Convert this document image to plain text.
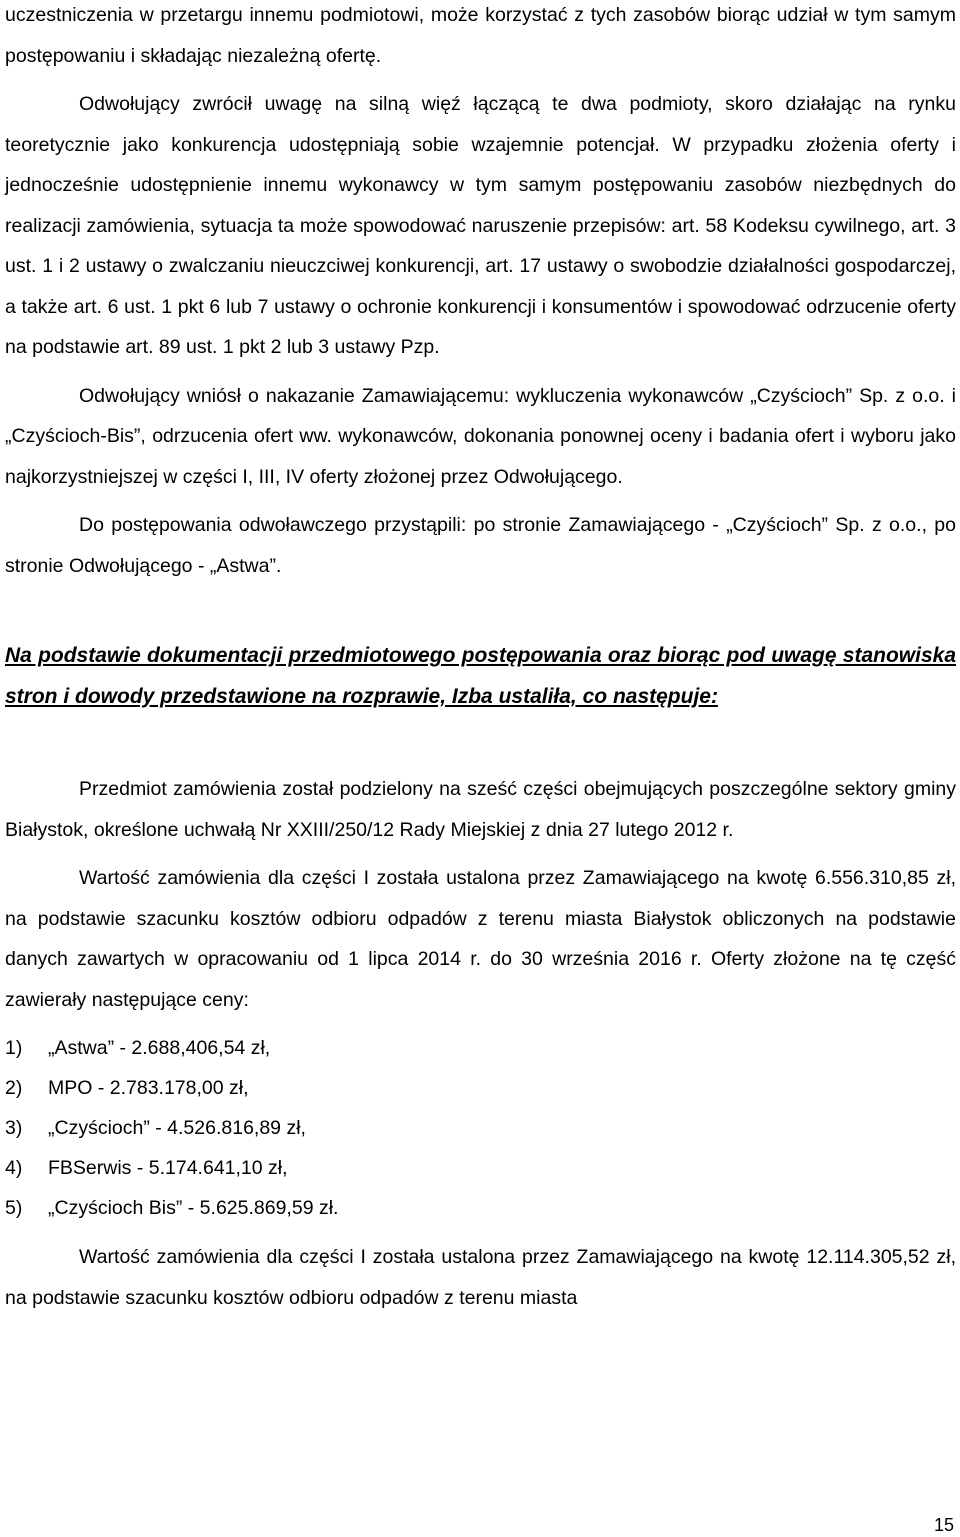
uczestniczenia w przetargu innemu podmiotowi, może korzystać z tych zasobów biorąc udział w tym samym postępowaniu i składając niezależną ofertę.

Odwołujący zwrócił uwagę na silną więź łączącą te dwa podmioty, skoro działając na rynku teoretycznie jako konkurencja udostępniają sobie wzajemnie potencjał. W przypadku złożenia oferty i jednocześnie udostępnienie innemu wykonawcy w tym samym postępowaniu zasobów niezbędnych do realizacji zamówienia, sytuacja ta może spowodować naruszenie przepisów: art. 58 Kodeksu cywilnego, art. 3 ust. 1 i 2 ustawy o zwalczaniu nieuczciwej konkurencji, art. 17 ustawy o swobodzie działalności gospodarczej, a także art. 6 ust. 1 pkt 6 lub 7 ustawy o ochronie konkurencji i konsumentów i spowodować odrzucenie oferty na podstawie art. 89 ust. 1 pkt 2 lub 3 ustawy Pzp.

Odwołujący wniósł o nakazanie Zamawiającemu: wykluczenia wykonawców „Czyścioch” Sp. z o.o. i „Czyścioch-Bis”, odrzucenia ofert ww. wykonawców, dokonania ponownej oceny i badania ofert i wyboru jako najkorzystniejszej w części I, III, IV oferty złożonej przez Odwołującego.

Do postępowania odwoławczego przystąpili: po stronie Zamawiającego - „Czyścioch” Sp. z o.o., po stronie Odwołującego - „Astwa”.

Na podstawie dokumentacji przedmiotowego postępowania oraz biorąc pod uwagę stanowiska stron i dowody przedstawione na rozprawie, Izba ustaliła, co następuje:

Przedmiot zamówienia został podzielony na sześć części obejmujących poszczególne sektory gminy Białystok, określone uchwałą Nr XXIII/250/12 Rady Miejskiej z dnia 27 lutego 2012 r.

Wartość zamówienia dla części I została ustalona przez Zamawiającego na kwotę 6.556.310,85 zł, na podstawie szacunku kosztów odbioru odpadów z terenu miasta Białystok obliczonych na podstawie danych zawartych w opracowaniu od 1 lipca 2014 r. do 30 września 2016 r. Oferty złożone na tę część zawierały następujące ceny:

1)	„Astwa” - 2.688,406,54 zł,
2)	MPO - 2.783.178,00 zł,
3)	„Czyścioch” - 4.526.816,89 zł,
4)	FBSerwis - 5.174.641,10 zł,
5)	„Czyścioch Bis” - 5.625.869,59 zł.

Wartość zamówienia dla części I została ustalona przez Zamawiającego na kwotę 12.114.305,52 zł, na podstawie szacunku kosztów odbioru odpadów z terenu miasta

15
